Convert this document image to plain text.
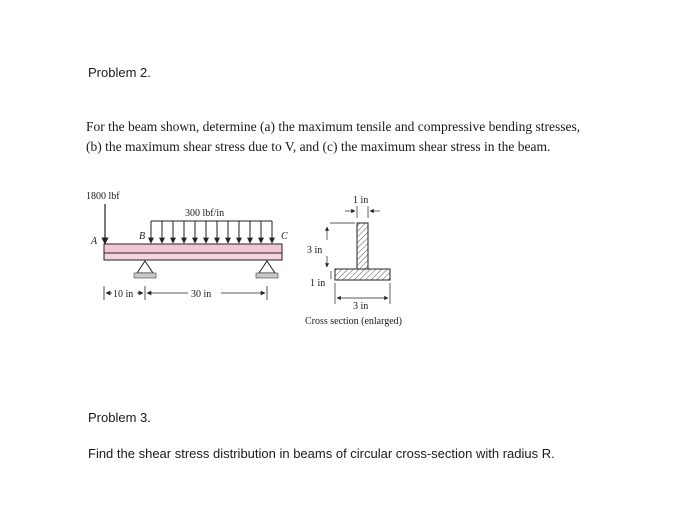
Problem 2.
For the beam shown, determine (a) the maximum tensile and compressive bending stresses,
(b) the maximum shear stress due to V, and (c) the maximum shear stress in the beam.
1800 lbf
300 lbf/in
A	B	C
10 in	30 in
1 in
3 in
1 in
3 in
Cross section (enlarged)
Problem 3.
Find the shear stress distribution in beams of circular cross-section with radius R.
